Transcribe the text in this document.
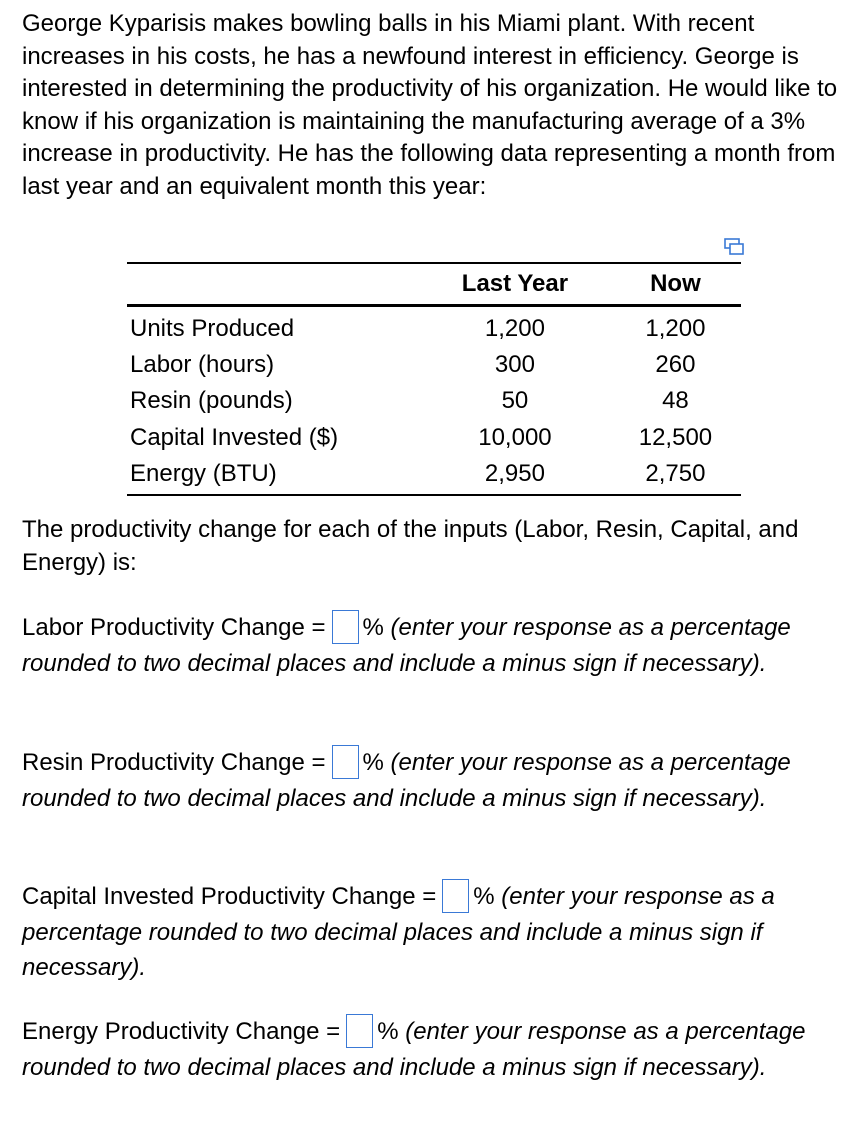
George Kyparisis makes bowling balls in his Miami plant. With recent increases in his costs, he has a newfound interest in efficiency. George is interested in determining the productivity of his organization. He would like to know if his organization is maintaining the manufacturing average of a 3% increase in productivity. He has the following data representing a month from last year and an equivalent month this year:

	Last Year	Now
Units Produced	1,200	1,200
Labor (hours)	300	260
Resin (pounds)	50	48
Capital Invested ($)	10,000	12,500
Energy (BTU)	2,950	2,750

The productivity change for each of the inputs (Labor, Resin, Capital, and Energy) is:

Labor Productivity Change = % (enter your response as a percentage rounded to two decimal places and include a minus sign if necessary).

Resin Productivity Change = % (enter your response as a percentage rounded to two decimal places and include a minus sign if necessary).

Capital Invested Productivity Change = % (enter your response as a percentage rounded to two decimal places and include a minus sign if necessary).

Energy Productivity Change = % (enter your response as a percentage rounded to two decimal places and include a minus sign if necessary).
